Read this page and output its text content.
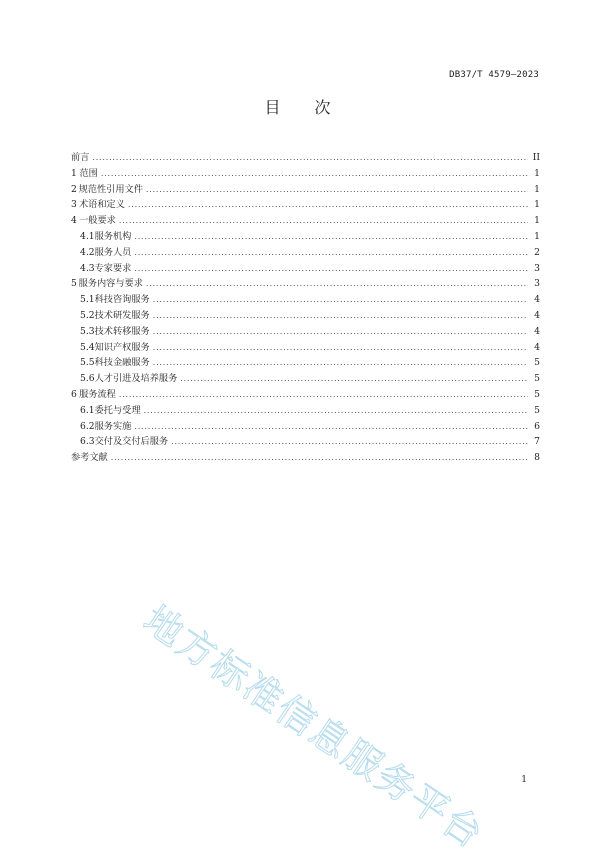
DB37/T 4579—2023
目次
前言 .....	II
1 范围 .....	1
2 规范性引用文件 .....	1
3 术语和定义 .....	1
4 一般要求 .....	1
4.1 服务机构 .....	1
4.2 服务人员 .....	2
4.3 专家要求 .....	3
5 服务内容与要求 .....	3
5.1 科技咨询服务 .....	4
5.2 技术研发服务 .....	4
5.3 技术转移服务 .....	4
5.4 知识产权服务 .....	4
5.5 科技金融服务 .....	5
5.6 人才引进及培养服务 .....	5
6 服务流程 .....	5
6.1 委托与受理 .....	5
6.2 服务实施 .....	6
6.3 交付及交付后服务 .....	7
参考文献 .....	8
地方标准信息服务平台	1
